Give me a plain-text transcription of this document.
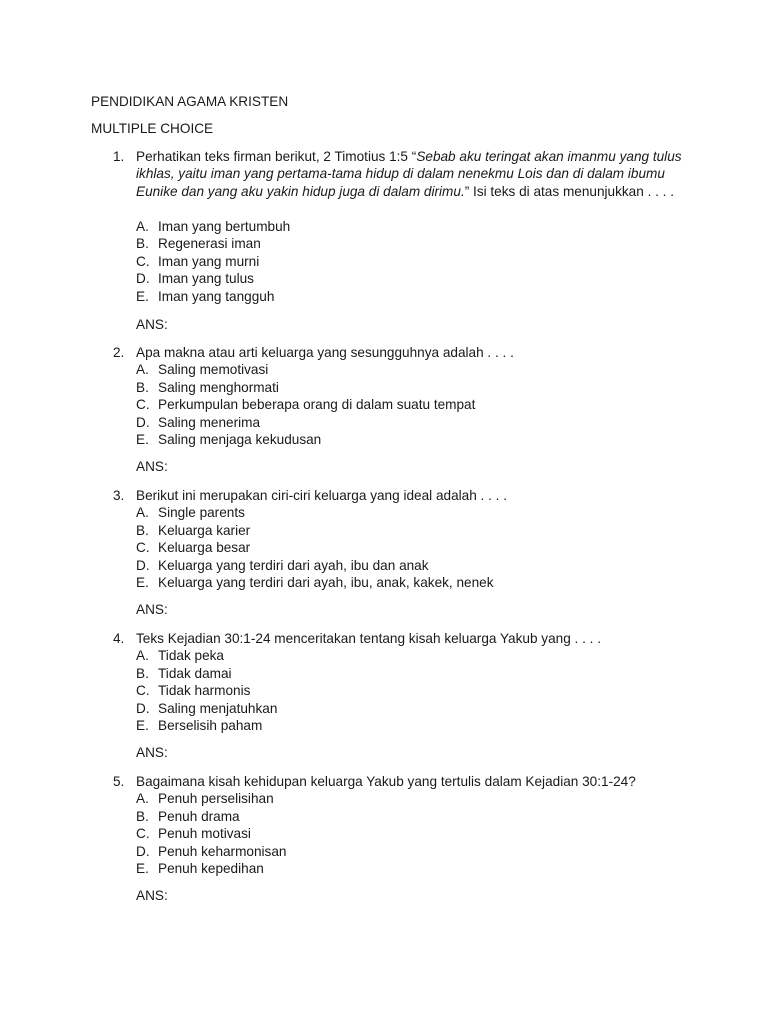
PENDIDIKAN AGAMA KRISTEN
MULTIPLE CHOICE
1. Perhatikan teks firman berikut, 2 Timotius 1:5 “Sebab aku teringat akan imanmu yang tulus ikhlas, yaitu iman yang pertama-tama hidup di dalam nenekmu Lois dan di dalam ibumu Eunike dan yang aku yakin hidup juga di dalam dirimu.” Isi teks di atas menunjukkan . . . .

A. Iman yang bertumbuh
B. Regenerasi iman
C. Iman yang murni
D. Iman yang tulus
E. Iman yang tangguh
ANS:
2. Apa makna atau arti keluarga yang sesungguhnya adalah . . . .

A. Saling memotivasi
B. Saling menghormati
C. Perkumpulan beberapa orang di dalam suatu tempat
D. Saling menerima
E. Saling menjaga kekudusan
ANS:
3. Berikut ini merupakan ciri-ciri keluarga yang ideal adalah . . . .

A. Single parents
B. Keluarga karier
C. Keluarga besar
D. Keluarga yang terdiri dari ayah, ibu dan anak
E. Keluarga yang terdiri dari ayah, ibu, anak, kakek, nenek
ANS:
4. Teks Kejadian 30:1-24 menceritakan tentang kisah keluarga Yakub yang . . . .

A. Tidak peka
B. Tidak damai
C. Tidak harmonis
D. Saling menjatuhkan
E. Berselisih paham
ANS:
5. Bagaimana kisah kehidupan keluarga Yakub yang tertulis dalam Kejadian 30:1-24?

A. Penuh perselisihan
B. Penuh drama
C. Penuh motivasi
D. Penuh keharmonisan
E. Penuh kepedihan
ANS:
